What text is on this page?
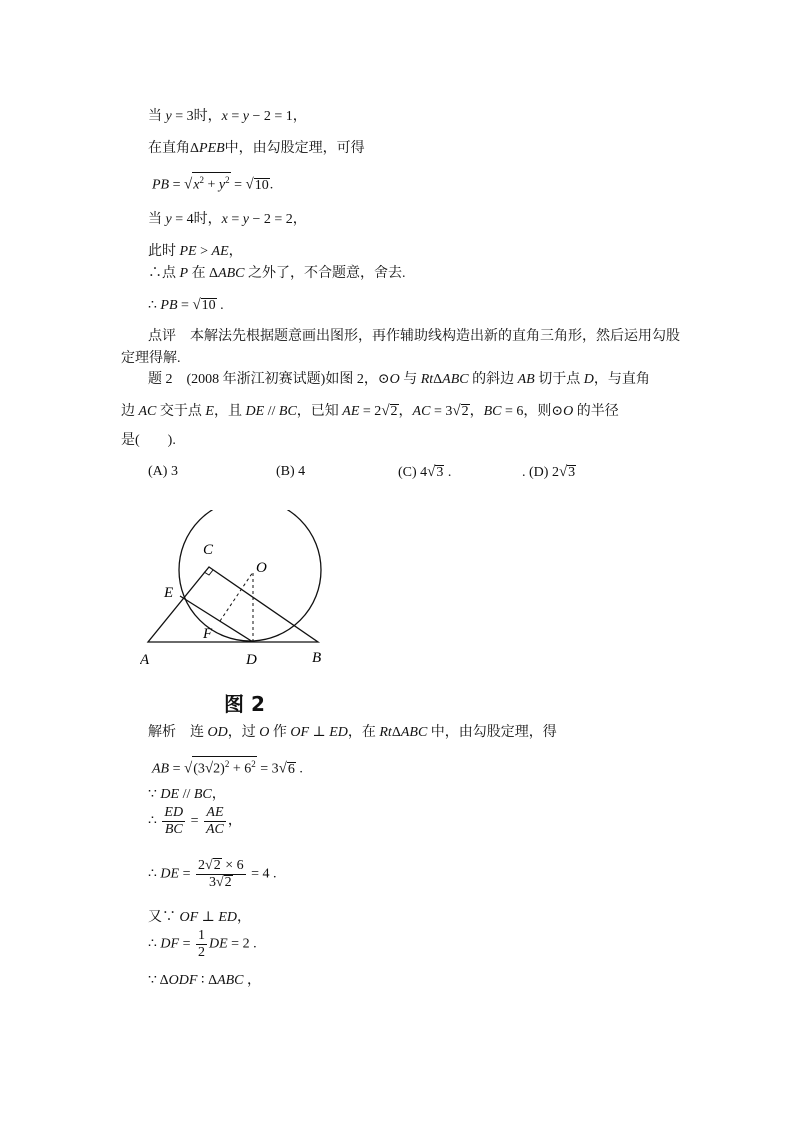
当 y = 3时，x = y − 2 = 1，
在直角ΔPEB中，由勾股定理，可得
PB = $√x^2 + y^2 = √10$.
当 y = 4时，x = y − 2 = 2，
此时 PE > AE，
∴点 P 在 ΔABC 之外了，不合题意，舍去.
∴ PB = √10 .
点评　本解法先根据题意画出图形，再作辅助线构造出新的直角三角形，然后运用勾股
定理得解.
题 2　(2008 年浙江初赛试题)如图 2，⊙O 与 RtΔABC 的斜边 AB 切于点 D，与直角
边 AC 交于点 E，且 DE // BC，已知 AE = 2√2，AC = 3√2，BC = 6，则⊙O 的半径
是(　　).
(A) 3	(B) 4	(C) 4√3 .	. (D) 2√3
A	B
C
D
E
F
O
图 2
解析　连 OD，过 O 作 OF ⊥ ED，在 RtΔABC 中，由勾股定理，得
AB = $√(3√2)^2 + 6^2 = 3√6$ .
∵ DE // BC，
∴ $\frac{ED}{BC} = \frac{AE}{AC}$ ，
∴ DE = $\frac{2√2 \times 6}{3√2} = 4$ .
又∵ OF ⊥ ED，
∴ DF = $\frac{1}{2}$ DE = 2 .
∵ ΔODF ∶ ΔABC ，
